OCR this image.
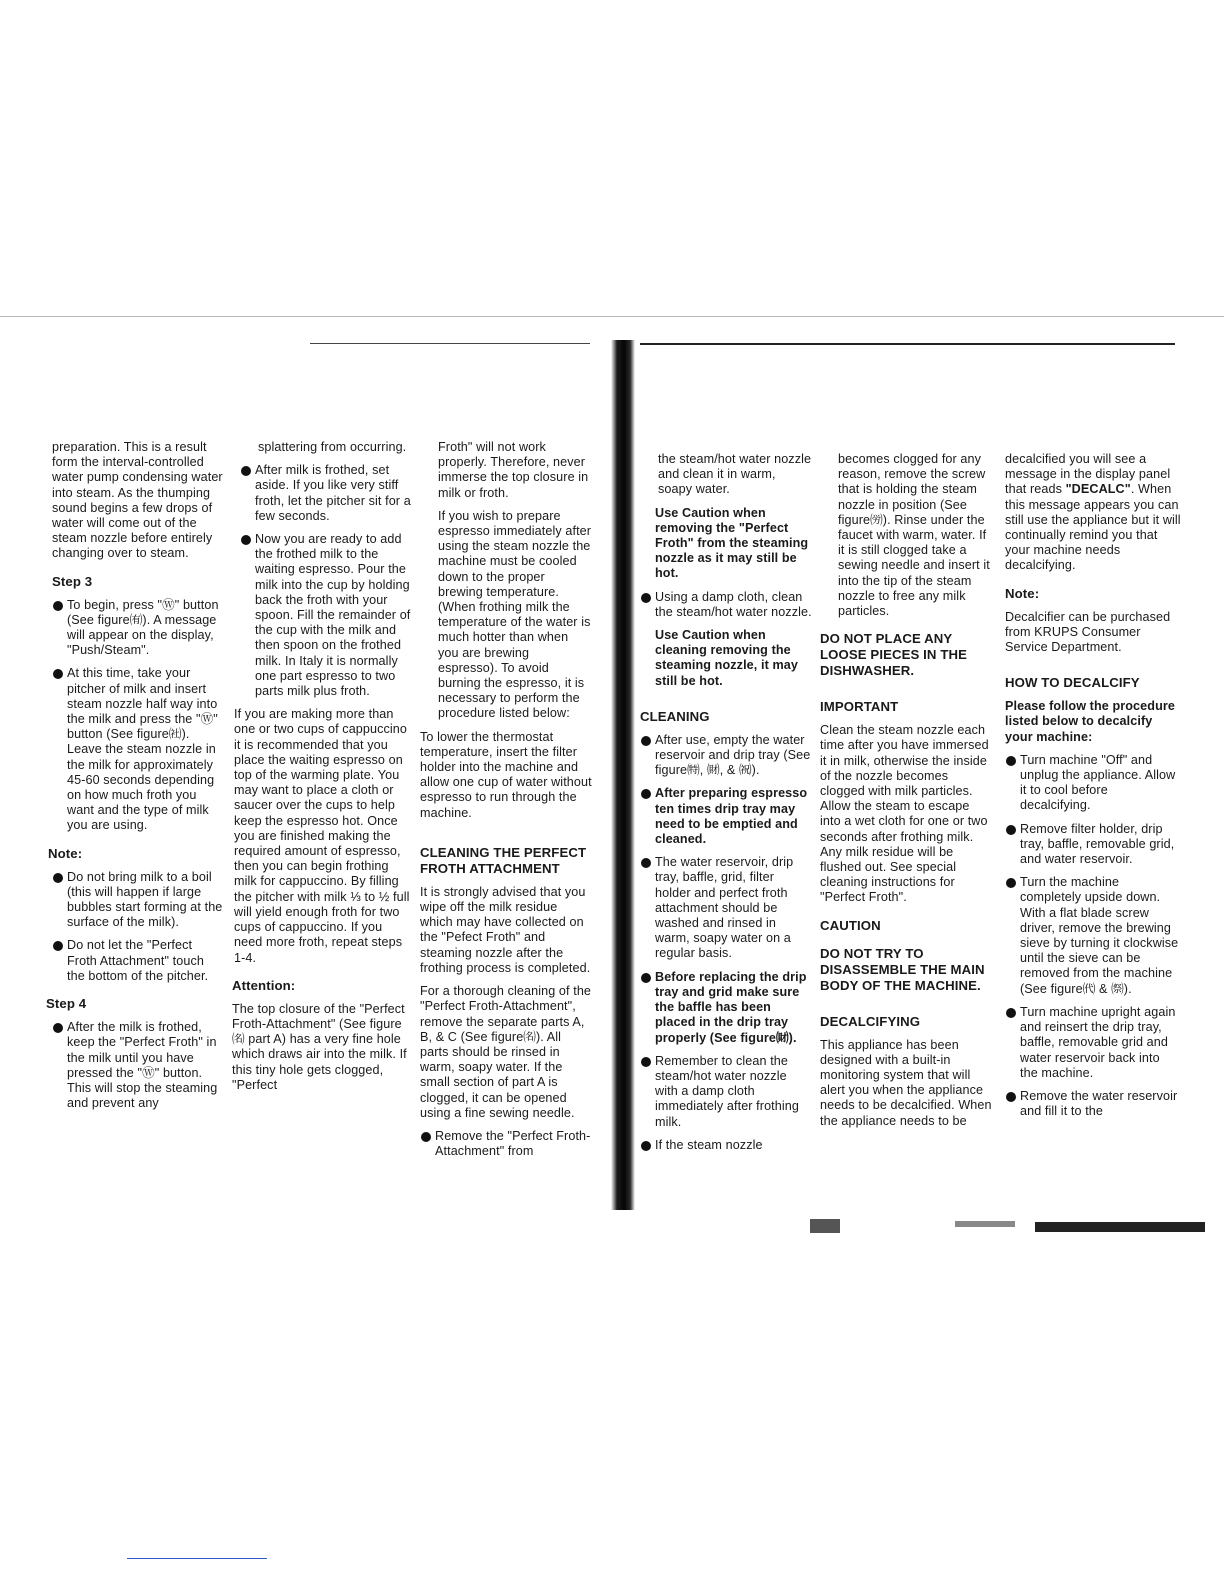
preparation. This is a result form the interval-controlled water pump condensing water into steam. As the thumping sound begins a few drops of water will come out of the steam nozzle before entirely changing over to steam.

Step 3
To begin, press "Ⓦ" button (See figure㈲). A message will appear on the display, "Push/Steam".
At this time, take your pitcher of milk and insert steam nozzle half way into the milk and press the "Ⓦ" button (See figure㈳). Leave the steam nozzle in the milk for approximately 45-60 seconds depending on how much froth you want and the type of milk you are using.
Note:
Do not bring milk to a boil (this will happen if large bubbles start forming at the surface of the milk).
Do not let the "Perfect Froth Attachment" touch the bottom of the pitcher.
Step 4
After the milk is frothed, keep the "Perfect Froth" in the milk until you have pressed the "Ⓦ" button. This will stop the steaming and prevent any

splattering from occurring.

After milk is frothed, set aside. If you like very stiff froth, let the pitcher sit for a few seconds.
Now you are ready to add the frothed milk to the waiting espresso. Pour the milk into the cup by holding back the froth with your spoon. Fill the remainder of the cup with the milk and then spoon on the frothed milk. In Italy it is normally one part espresso to two parts milk plus froth.

If you are making more than one or two cups of cappuccino it is recommended that you place the waiting espresso on top of the warming plate. You may want to place a cloth or saucer over the cups to help keep the espresso hot. Once you are finished making the required amount of espresso, then you can begin frothing milk for cappuccino. By filling the pitcher with milk ⅓ to ½ full will yield enough froth for two cups of cappuccino. If you need more froth, repeat steps 1-4.

Attention:

The top closure of the "Perfect Froth-Attachment" (See figure㈴ part A) has a very fine hole which draws air into the milk. If this tiny hole gets clogged, "Perfect

Froth" will not work properly. Therefore, never immerse the top closure in milk or froth.

If you wish to prepare espresso immediately after using the steam nozzle the machine must be cooled down to the proper brewing temperature. (When frothing milk the temperature of the water is much hotter than when you are brewing espresso). To avoid burning the espresso, it is necessary to perform the procedure listed below:

To lower the thermostat temperature, insert the filter holder into the machine and allow one cup of water without espresso to run through the machine.

CLEANING THE PERFECT FROTH ATTACHMENT

It is strongly advised that you wipe off the milk residue which may have collected on the "Pefect Froth" and steaming nozzle after the frothing process is completed.

For a thorough cleaning of the "Perfect Froth-Attachment", remove the separate parts A, B, & C (See figure㈴). All parts should be rinsed in warm, soapy water. If the small section of part A is clogged, it can be opened using a fine sewing needle.

Remove the "Perfect Froth-Attachment" from

the steam/hot water nozzle and clean it in warm, soapy water.

Use Caution when removing the "Perfect Froth" from the steaming nozzle as it may still be hot.

Using a damp cloth, clean the steam/hot water nozzle.

Use Caution when cleaning removing the steaming nozzle, it may still be hot.

CLEANING
After use, empty the water reservoir and drip tray (See figure㈵, ㈶, & ㈷).
After preparing espresso ten times drip tray may need to be emptied and cleaned.
The water reservoir, drip tray, baffle, grid, filter holder and perfect froth attachment should be washed and rinsed in warm, soapy water on a regular basis.
Before replacing the drip tray and grid make sure the baffle has been placed in the drip tray properly (See figure㈶).
Remember to clean the steam/hot water nozzle with a damp cloth immediately after frothing milk.
If the steam nozzle

becomes clogged for any reason, remove the screw that is holding the steam nozzle in position (See figure㈸). Rinse under the faucet with warm, water. If it is still clogged take a sewing needle and insert it into the tip of the steam nozzle to free any milk particles.

DO NOT PLACE ANY LOOSE PIECES IN THE DISHWASHER.
IMPORTANT

Clean the steam nozzle each time after you have immersed it in milk, otherwise the inside of the nozzle becomes clogged with milk particles. Allow the steam to escape into a wet cloth for one or two seconds after frothing milk. Any milk residue will be flushed out. See special cleaning instructions for "Perfect Froth".

CAUTION
DO NOT TRY TO DISASSEMBLE THE MAIN BODY OF THE MACHINE.
DECALCIFYING

This appliance has been designed with a built-in monitoring system that will alert you when the appliance needs to be decalcified. When the appliance needs to be

decalcified you will see a message in the display panel that reads "DECALC". When this message appears you can still use the appliance but it will continually remind you that your machine needs decalcifying.

Note:

Decalcifier can be purchased from KRUPS Consumer Service Department.

HOW TO DECALCIFY

Please follow the procedure listed below to decalcify your machine:

Turn machine "Off" and unplug the appliance. Allow it to cool before decalcifying.
Remove filter holder, drip tray, baffle, removable grid, and water reservoir.
Turn the machine completely upside down. With a flat blade screw driver, remove the brewing sieve by turning it clockwise until the sieve can be removed from the machine (See figure㈹ & ㉀).
Turn machine upright again and reinsert the drip tray, baffle, removable grid and water reservoir back into the machine.
Remove the water reservoir and fill it to the
